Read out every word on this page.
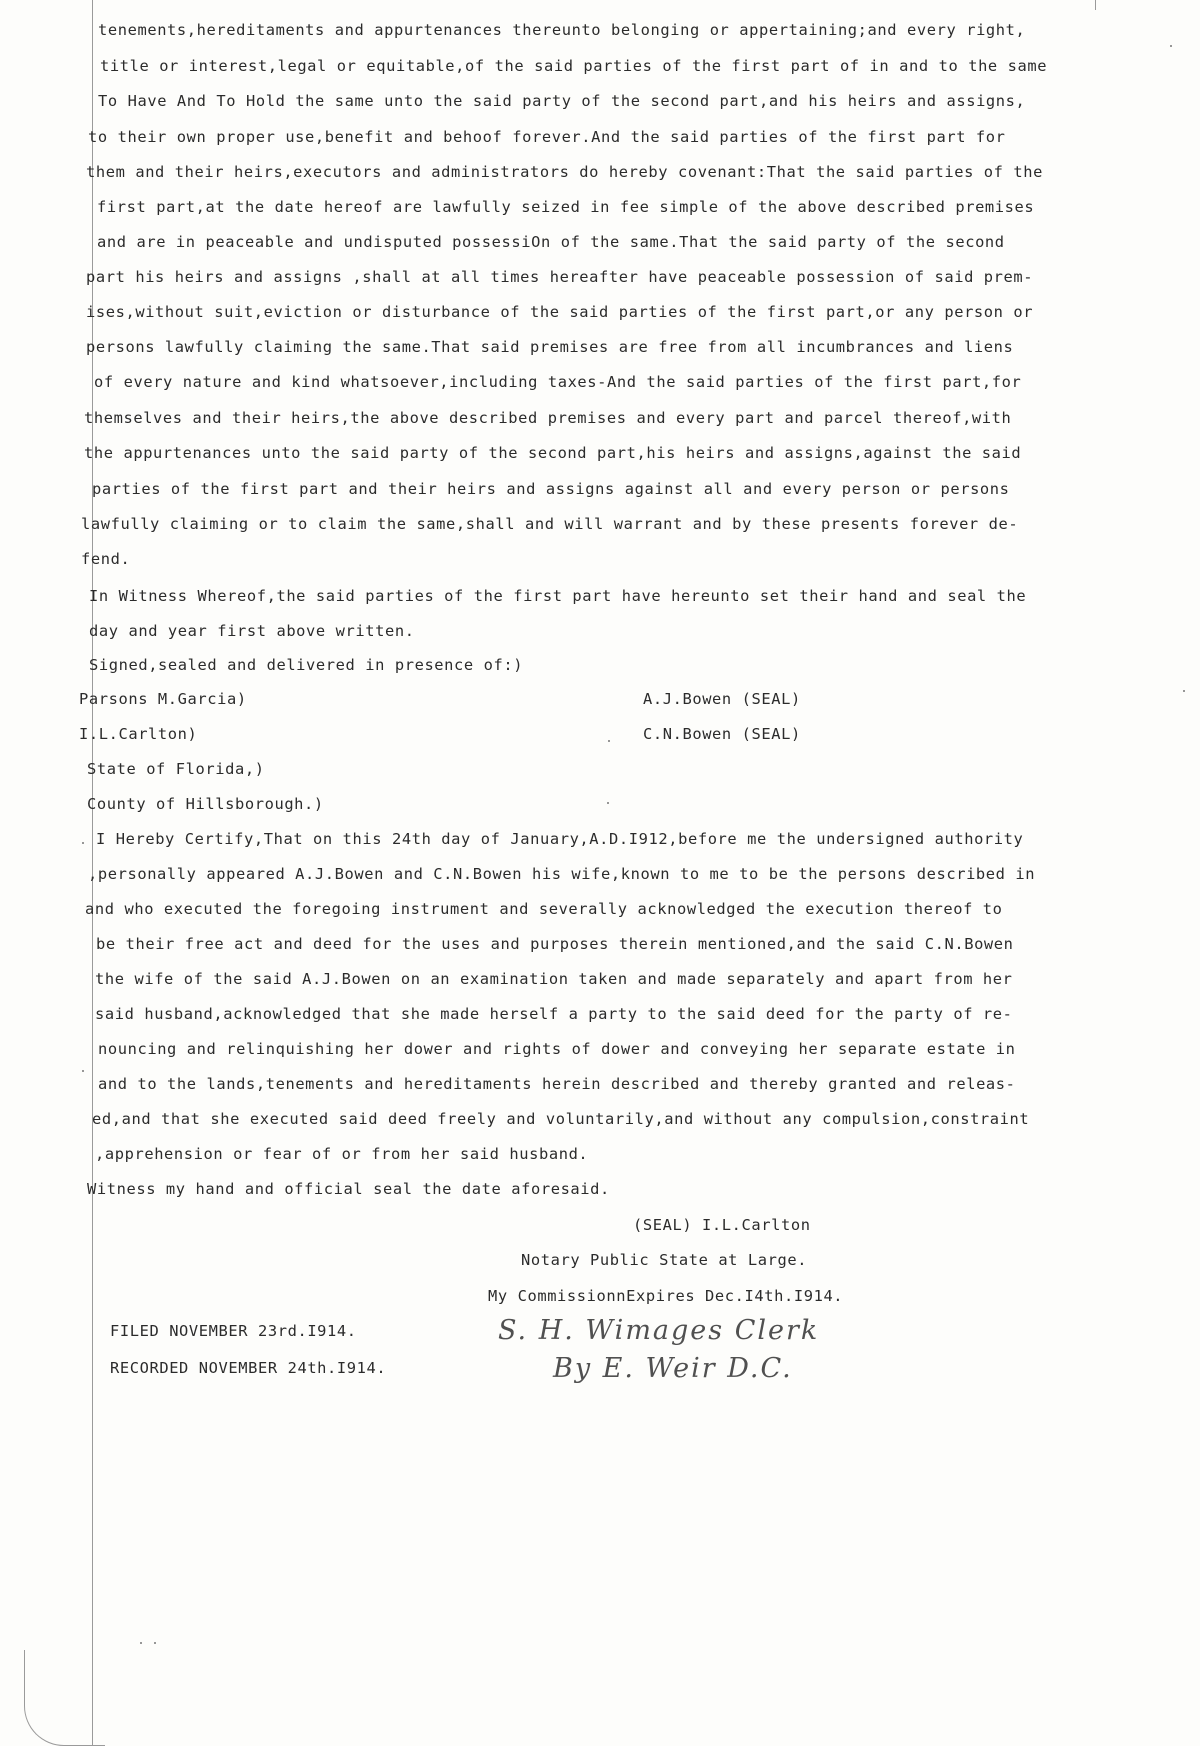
tenements,hereditaments and appurtenances thereunto belonging or appertaining;and every right,
title or interest,legal or equitable,of the said parties of the first part of in and to the same
To Have And To Hold the same unto the said party of the second part,and his heirs and assigns,
to their own proper use,benefit and behoof forever.And the said parties of the first part for
them and their heirs,executors and administrators do hereby covenant:That the said parties of the
first part,at the date hereof are lawfully seized in fee simple of the above described premises
and are in peaceable and undisputed possessiOn of the same.That the said party of the second
part his heirs and assigns ,shall at all times hereafter have peaceable possession of said prem-
ises,without suit,eviction or disturbance of the said parties of the first part,or any person or
persons lawfully claiming the same.That said premises are free from all incumbrances and liens
of every nature and kind whatsoever,including taxes-And the said parties of the first part,for
themselves and their heirs,the above described premises and every part and parcel thereof,with
the appurtenances unto the said party of the second part,his heirs and assigns,against the said
parties of the first part and their heirs and assigns against all and every person or persons
lawfully claiming or to claim the same,shall and will warrant and by these presents forever de-
fend.
In Witness Whereof,the said parties of the first part have hereunto set their hand and seal the
day and year first above written.
Signed,sealed and delivered in presence of:)
Parsons M.Garcia)
I.L.Carlton)
A.J.Bowen (SEAL)
C.N.Bowen (SEAL)
State of Florida,)
County of Hillsborough.)
I Hereby Certify,That on this 24th day of January,A.D.I912,before me the undersigned authority
,personally appeared A.J.Bowen and C.N.Bowen his wife,known to me to be the persons described in
and who executed the foregoing instrument and severally acknowledged the execution thereof to
be their free act and deed for the uses and purposes therein mentioned,and the said C.N.Bowen
the wife of the said A.J.Bowen on an examination taken and made separately and apart from her
said husband,acknowledged that she made herself a party to the said deed for the party of re-
nouncing and relinquishing her dower and rights of dower and conveying her separate estate in
and to the lands,tenements and hereditaments herein described and thereby granted and releas-
ed,and that she executed said deed freely and voluntarily,and without any compulsion,constraint
,apprehension or fear of or from her said husband.
Witness my hand and official seal the date aforesaid.
(SEAL) I.L.Carlton
Notary Public State at Large.
My CommissionnExpires Dec.I4th.I914.
FILED NOVEMBER 23rd.I914.
RECORDED NOVEMBER 24th.I914.
S. H. Wimages Clerk
By E. Weir D.C.
